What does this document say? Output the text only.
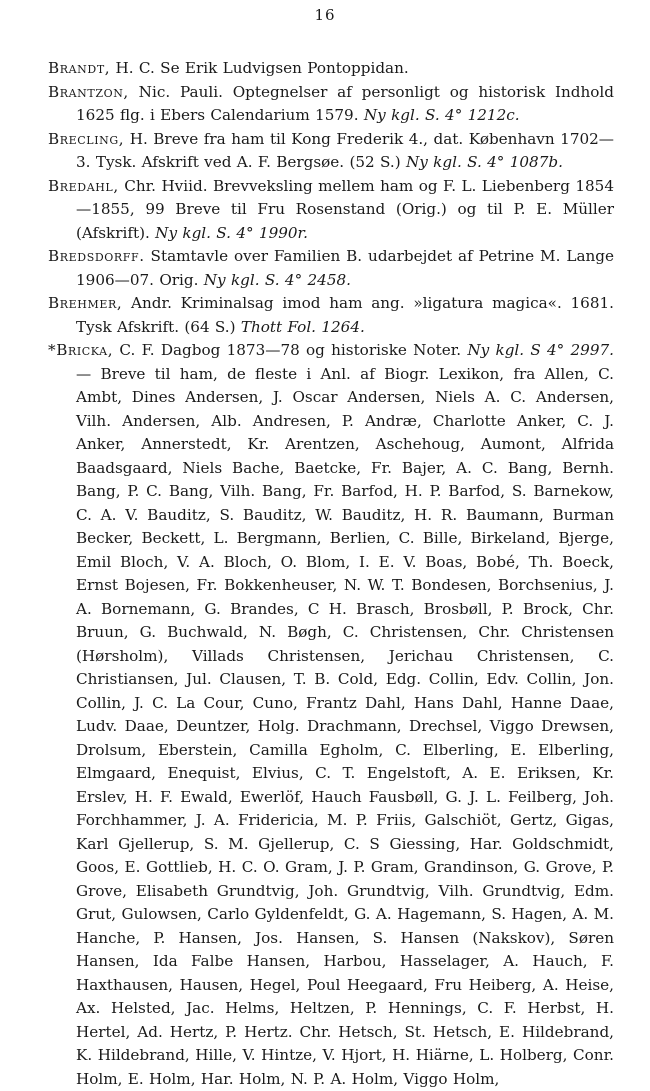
16

Brandt, H. C. Se Erik Ludvigsen Pontoppidan.

Brantzon, Nic. Pauli. Optegnelser af personligt og historisk Indhold 1625 flg. i Ebers Calendarium 1579. Ny kgl. S. 4° 1212c.

Brecling, H. Breve fra ham til Kong Frederik 4., dat. København 1702—3. Tysk. Afskrift ved A. F. Bergsøe. (52 S.) Ny kgl. S. 4° 1087b.

Bredahl, Chr. Hviid. Brevveksling mellem ham og F. L. Liebenberg 1854—1855, 99 Breve til Fru Rosenstand (Orig.) og til P. E. Müller (Afskrift). Ny kgl. S. 4° 1990r.

Bredsdorff. Stamtavle over Familien B. udarbejdet af Petrine M. Lange 1906—07. Orig. Ny kgl. S. 4° 2458.

Brehmer, Andr. Kriminalsag imod ham ang. »ligatura magica«. 1681. Tysk Afskrift. (64 S.) Thott Fol. 1264.

*Bricka, C. F. Dagbog 1873—78 og historiske Noter. Ny kgl. S 4° 2997. — Breve til ham, de fleste i Anl. af Biogr. Lexikon, fra Allen, C. Ambt, Dines Andersen, J. Oscar Andersen, Niels A. C. Andersen, Vilh. Andersen, Alb. Andresen, P. Andræ, Charlotte Anker, C. J. Anker, Annerstedt, Kr. Arentzen, Aschehoug, Aumont, Alfrida Baadsgaard, Niels Bache, Baetcke, Fr. Bajer, A. C. Bang, Bernh. Bang, P. C. Bang, Vilh. Bang, Fr. Barfod, H. P. Barfod, S. Barnekow, C. A. V. Bauditz, S. Bauditz, W. Bauditz, H. R. Baumann, Burman Becker, Beckett, L. Bergmann, Berlien, C. Bille, Birkeland, Bjerge, Emil Bloch, V. A. Bloch, O. Blom, I. E. V. Boas, Bobé, Th. Boeck, Ernst Bojesen, Fr. Bokkenheuser, N. W. T. Bondesen, Borchsenius, J. A. Bornemann, G. Brandes, C H. Brasch, Brosbøll, P. Brock, Chr. Bruun, G. Buchwald, N. Bøgh, C. Christensen, Chr. Christensen (Hørsholm), Villads Christensen, Jerichau Christensen, C. Christiansen, Jul. Clausen, T. B. Cold, Edg. Collin, Edv. Collin, Jon. Collin, J. C. La Cour, Cuno, Frantz Dahl, Hans Dahl, Hanne Daae, Ludv. Daae, Deuntzer, Holg. Drachmann, Drechsel, Viggo Drewsen, Drolsum, Eberstein, Camilla Egholm, C. Elberling, E. Elberling, Elmgaard, Enequist, Elvius, C. T. Engelstoft, A. E. Eriksen, Kr. Erslev, H. F. Ewald, Ewerlöf, Hauch Fausbøll, G. J. L. Feilberg, Joh. Forchhammer, J. A. Fridericia, M. P. Friis, Galschiöt, Gertz, Gigas, Karl Gjellerup, S. M. Gjellerup, C. S Giessing, Har. Goldschmidt, Goos, E. Gottlieb, H. C. O. Gram, J. P. Gram, Grandinson, G. Grove, P. Grove, Elisabeth Grundtvig, Joh. Grundtvig, Vilh. Grundtvig, Edm. Grut, Gulowsen, Carlo Gyldenfeldt, G. A. Hagemann, S. Hagen, A. M. Hanche, P. Hansen, Jos. Hansen, S. Hansen (Nakskov), Søren Hansen, Ida Falbe Hansen, Harbou, Hasselager, A. Hauch, F. Haxthausen, Hausen, Hegel, Poul Heegaard, Fru Heiberg, A. Heise, Ax. Helsted, Jac. Helms, Heltzen, P. Hennings, C. F. Herbst, H. Hertel, Ad. Hertz, P. Hertz. Chr. Hetsch, St. Hetsch, E. Hildebrand, K. Hildebrand, Hille, V. Hintze, V. Hjort, H. Hiärne, L. Holberg, Conr. Holm, E. Holm, Har. Holm, N. P. A. Holm, Viggo Holm,
